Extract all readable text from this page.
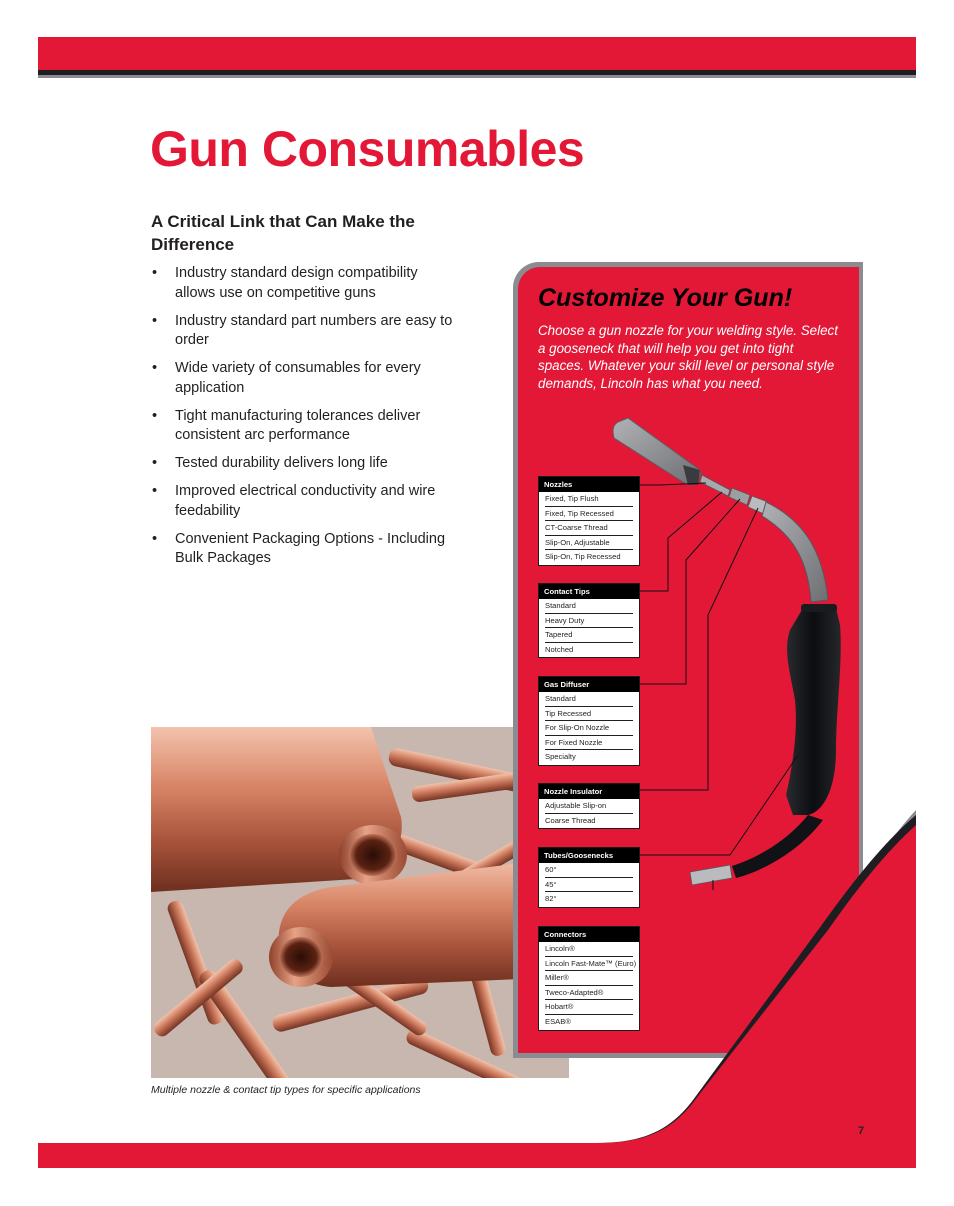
Gun Consumables
A Critical Link that Can Make the Difference
• Industry standard design compatibility allows use on competitive guns
• Industry standard part numbers are easy to order
• Wide variety of consumables for every application
• Tight manufacturing tolerances deliver consistent arc performance
• Tested durability delivers long life
• Improved electrical conductivity and wire feedability
• Convenient Packaging Options - Including Bulk Packages

Multiple nozzle & contact tip types for specific applications

Customize Your Gun!

Choose a gun nozzle for your welding style. Select a gooseneck that will help you get into tight spaces. Whatever your skill level or personal style demands, Lincoln has what you need.

Nozzles
Fixed, Tip Flush
Fixed, Tip Recessed
CT-Coarse Thread
Slip-On, Adjustable
Slip-On, Tip Recessed
Contact Tips
Standard
Heavy Duty
Tapered
Notched
Gas Diffuser
Standard
Tip Recessed
For Slip-On Nozzle
For Fixed Nozzle
Specialty
Nozzle Insulator
Adjustable Slip-on
Coarse Thread
Tubes/Goosenecks
60°
45°
82°
Connectors
Lincoln®
Lincoln Fast-Mate™ (Euro)
Miller®
Tweco-Adapted®
Hobart®
ESAB®
7
